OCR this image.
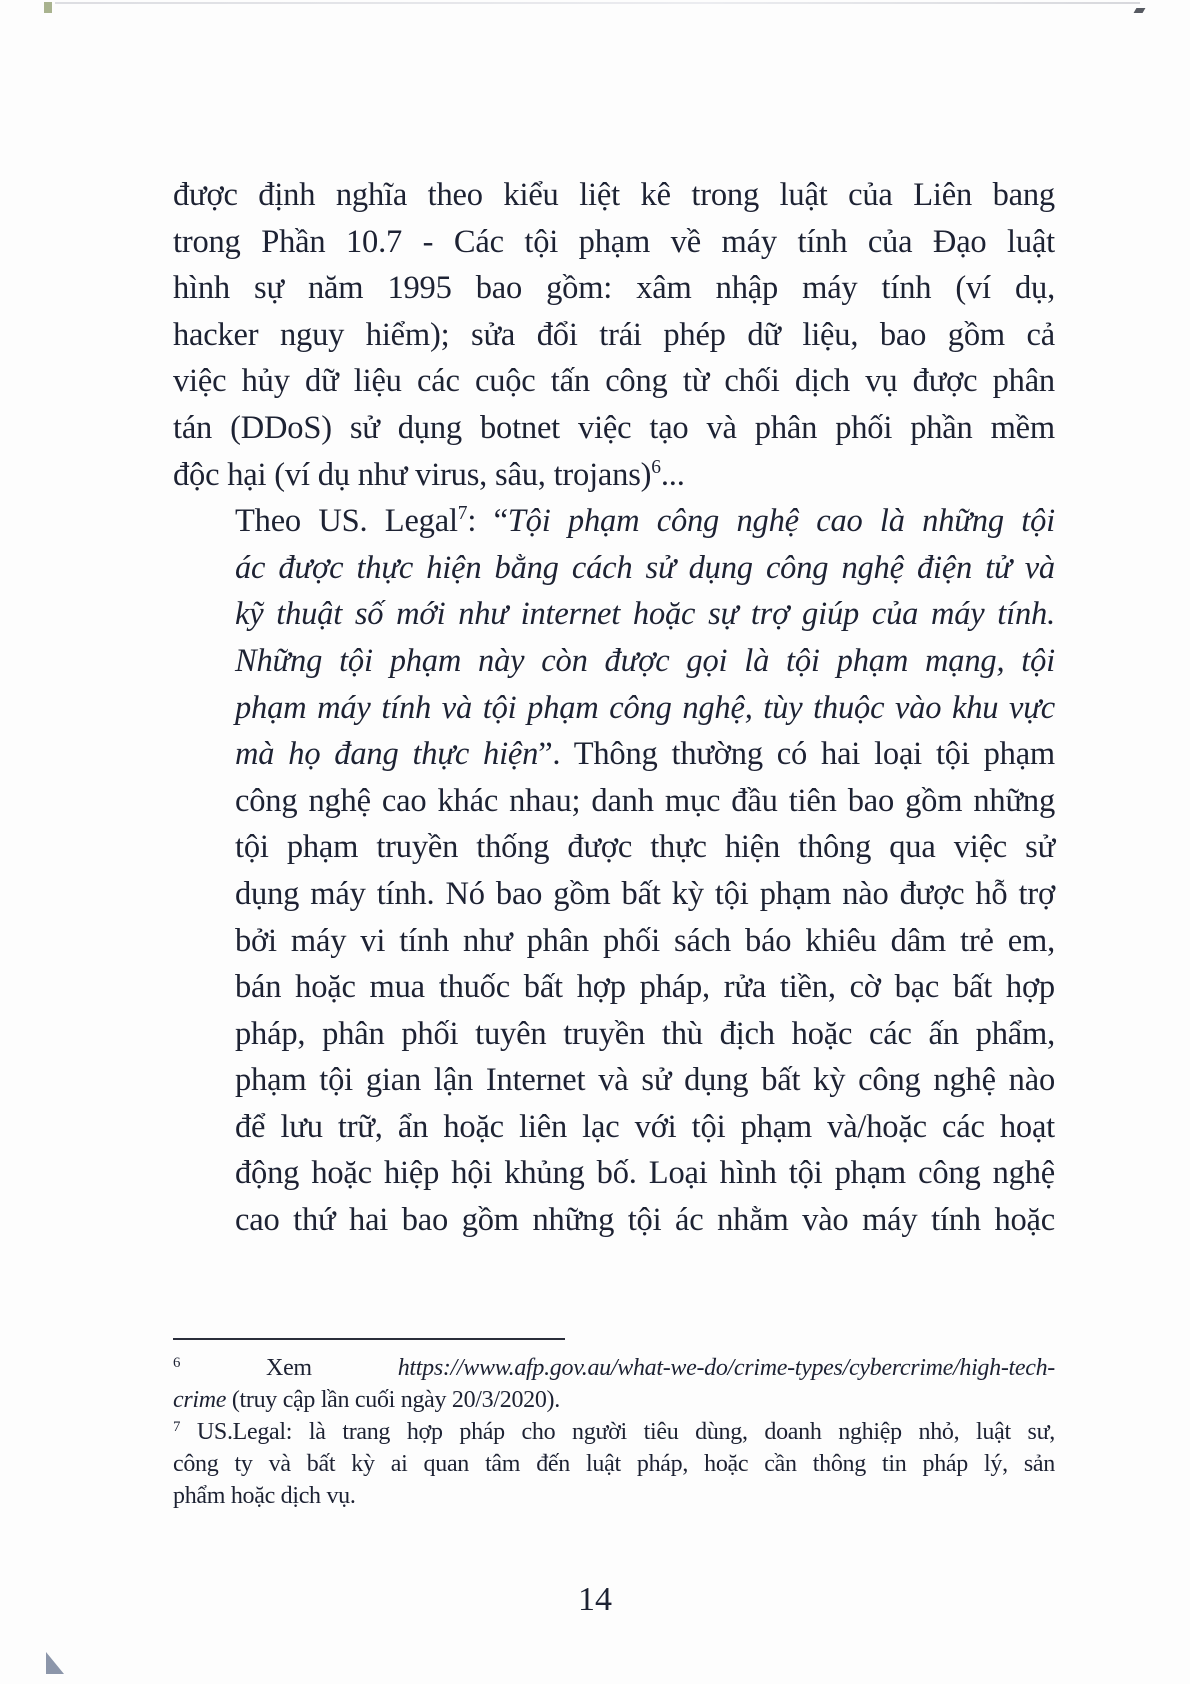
được định nghĩa theo kiểu liệt kê trong luật của Liên bang
trong Phần 10.7 - Các tội phạm về máy tính của Đạo luật
hình sự năm 1995 bao gồm: xâm nhập máy tính (ví dụ,
hacker nguy hiểm); sửa đổi trái phép dữ liệu, bao gồm cả
việc hủy dữ liệu các cuộc tấn công từ chối dịch vụ được phân
tán (DDoS) sử dụng botnet việc tạo và phân phối phần mềm
độc hại (ví dụ như virus, sâu, trojans)$^6$...

Theo US. Legal$^7$: “Tội phạm công nghệ cao là những tội
ác được thực hiện bằng cách sử dụng công nghệ điện tử và
kỹ thuật số mới như internet hoặc sự trợ giúp của máy tính.
Những tội phạm này còn được gọi là tội phạm mạng, tội
phạm máy tính và tội phạm công nghệ, tùy thuộc vào khu vực
mà họ đang thực hiện”. Thông thường có hai loại tội phạm
công nghệ cao khác nhau; danh mục đầu tiên bao gồm những
tội phạm truyền thống được thực hiện thông qua việc sử
dụng máy tính. Nó bao gồm bất kỳ tội phạm nào được hỗ trợ
bởi máy vi tính như phân phối sách báo khiêu dâm trẻ em,
bán hoặc mua thuốc bất hợp pháp, rửa tiền, cờ bạc bất hợp
pháp, phân phối tuyên truyền thù địch hoặc các ấn phẩm,
phạm tội gian lận Internet và sử dụng bất kỳ công nghệ nào
để lưu trữ, ẩn hoặc liên lạc với tội phạm và/hoặc các hoạt
động hoặc hiệp hội khủng bố. Loại hình tội phạm công nghệ
cao thứ hai bao gồm những tội ác nhằm vào máy tính hoặc

$^6$ Xem https://www.afp.gov.au/what-we-do/crime-types/cybercrime/high-tech-
crime (truy cập lần cuối ngày 20/3/2020).

$^7$ US.Legal: là trang hợp pháp cho người tiêu dùng, doanh nghiệp nhỏ, luật sư,
công ty và bất kỳ ai quan tâm đến luật pháp, hoặc cần thông tin pháp lý, sản
phẩm hoặc dịch vụ.

14
